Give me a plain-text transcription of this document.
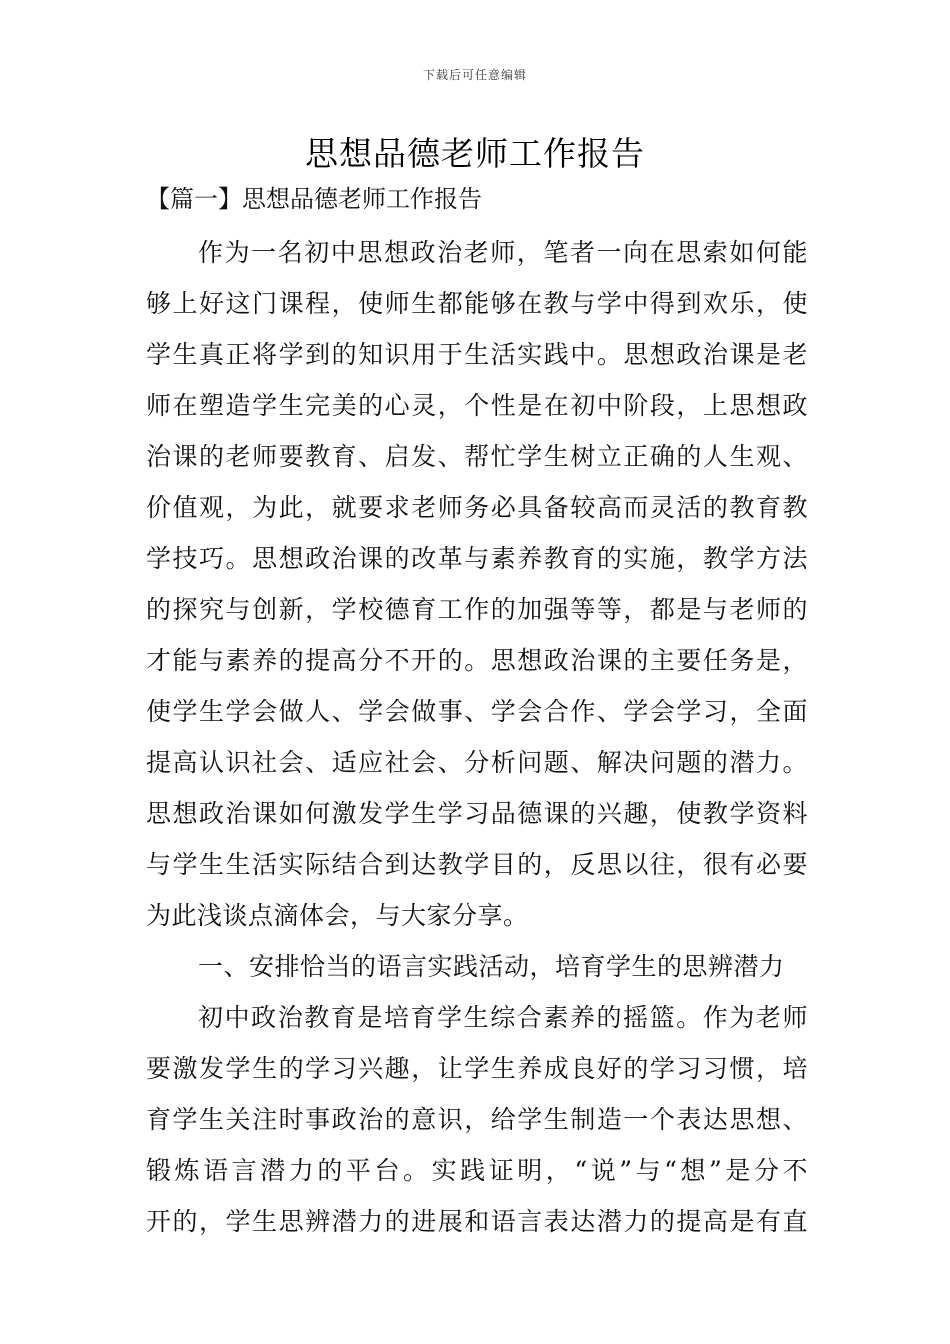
下载后可任意编辑
思想品德老师工作报告
【篇一】思想品德老师工作报告
作为一名初中思想政治老师，笔者一向在思索如何能
够上好这门课程，使师生都能够在教与学中得到欢乐，使
学生真正将学到的知识用于生活实践中。思想政治课是老
师在塑造学生完美的心灵，个性是在初中阶段，上思想政
治课的老师要教育、启发、帮忙学生树立正确的人生观、
价值观，为此，就要求老师务必具备较高而灵活的教育教
学技巧。思想政治课的改革与素养教育的实施，教学方法
的探究与创新，学校德育工作的加强等等，都是与老师的
才能与素养的提高分不开的。思想政治课的主要任务是，
使学生学会做人、学会做事、学会合作、学会学习，全面
提高认识社会、适应社会、分析问题、解决问题的潜力。
思想政治课如何激发学生学习品德课的兴趣，使教学资料
与学生生活实际结合到达教学目的，反思以往，很有必要
为此浅谈点滴体会，与大家分享。
一、安排恰当的语言实践活动，培育学生的思辨潜力
初中政治教育是培育学生综合素养的摇篮。作为老师
要激发学生的学习兴趣，让学生养成良好的学习习惯，培
育学生关注时事政治的意识，给学生制造一个表达思想、
锻炼语言潜力的平台。实践证明，“说”与“想”是分不
开的，学生思辨潜力的进展和语言表达潜力的提高是有直
